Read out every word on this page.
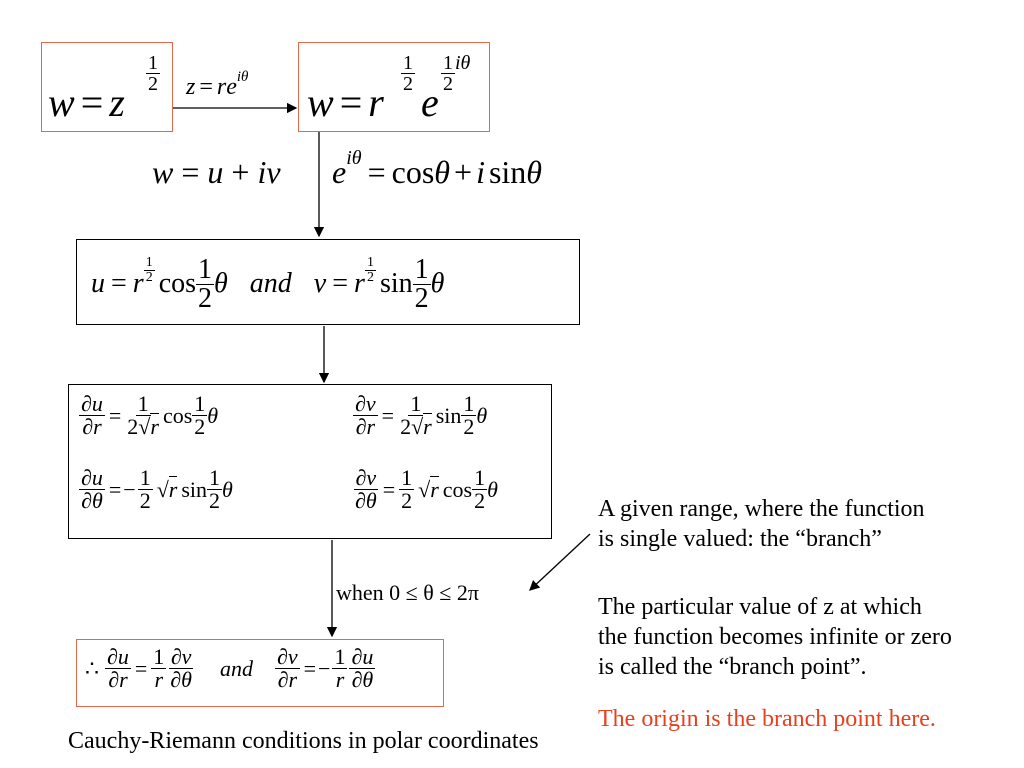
w = z
$\frac{1}{2}$ z = r e iθ
w = r
$\frac{1}{2}$
e
$\frac{1}{2}$ iθ
w = u + i v e iθ = cos θ + i sin θ
u = r $\frac{1}{2}$ $\cos \frac{1}{2}$ θ and v = r $\frac{1}{2}$ $\sin \frac{1}{2}$ θ
$\frac{\partial u}{\partial r} = \frac{1}{2√r}$ $\cos \frac{1}{2}$ θ	$\frac{\partial v}{\partial r} = \frac{1}{2√r}$ $\sin \frac{1}{2}$ θ
$\frac{\partial u}{\partial\theta}$ = − $\frac{1}{2}$ √ r $\sin \frac{1}{2}$ θ	$\frac{\partial v}{\partial\theta} = \frac{1}{2}$ √ r $\cos \frac{1}{2}$ θ
when 0 ≤ θ ≤ 2π
∴ $\frac{\partial u}{\partial r} = \frac{1}{r} \frac{\partial v}{\partial\theta}$ and $\frac{\partial v}{\partial r}$ = − $\frac{1}{r} \frac{\partial u}{\partial\theta}$
Cauchy-Riemann conditions in polar coordinates
A given range, where the function
is single valued: the “branch”
The particular value of z at which
the function becomes infinite or zero
is called the “branch point”.
The origin is the branch point here.
